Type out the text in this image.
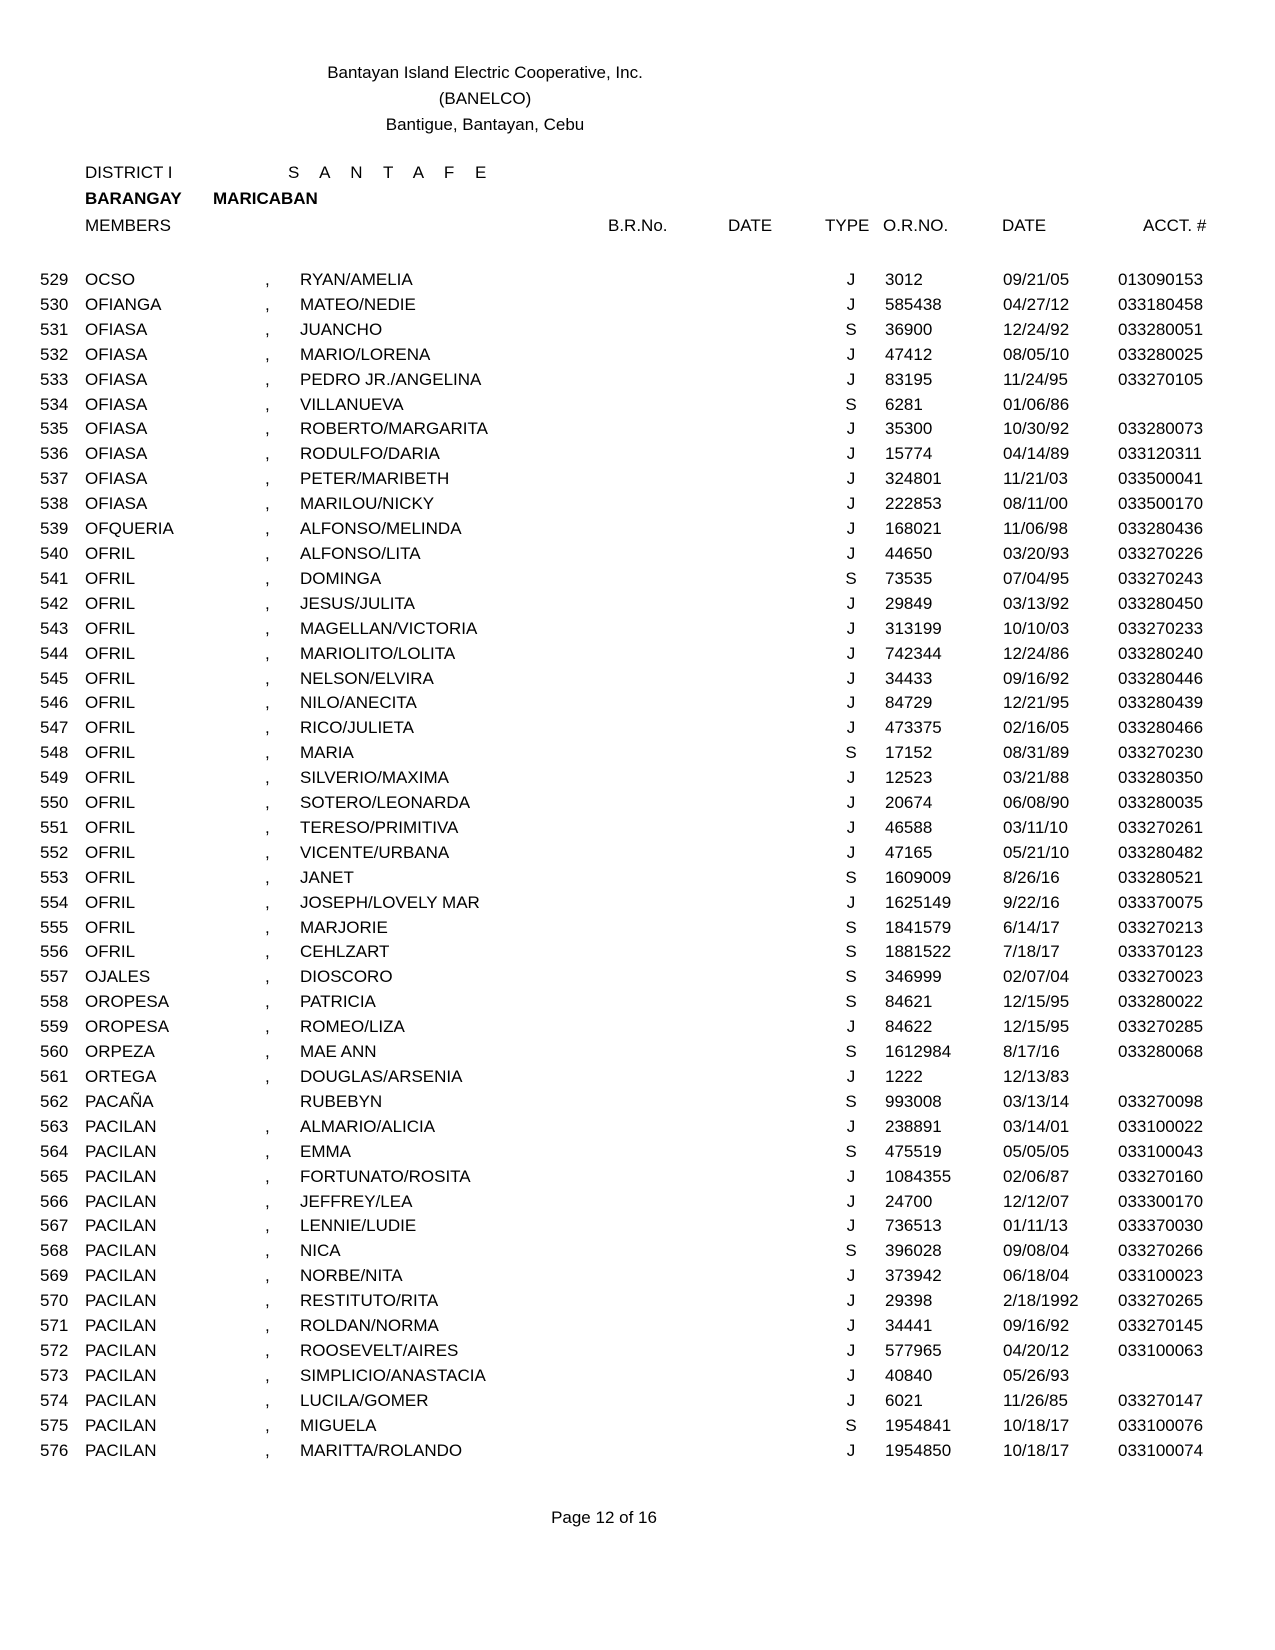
Bantayan Island Electric Cooperative, Inc.
(BANELCO)
Bantigue, Bantayan, Cebu
DISTRICT I	S A N T A F E
BARANGAY MARICABAN
MEMBERS	B.R.No.	DATE	TYPE O.R.NO.	DATE	ACCT. #
529 OCSO	, RYAN/AMELIA	J 3012	09/21/05	013090153
530 OFIANGA	, MATEO/NEDIE	J 585438	04/27/12	033180458
531 OFIASA	, JUANCHO	S 36900	12/24/92	033280051
532 OFIASA	, MARIO/LORENA	J 47412	08/05/10	033280025
533 OFIASA	, PEDRO JR./ANGELINA	J 83195	11/24/95	033270105
534 OFIASA	, VILLANUEVA	S 6281	01/06/86
535 OFIASA	, ROBERTO/MARGARITA	J 35300	10/30/92	033280073
536 OFIASA	, RODULFO/DARIA	J 15774	04/14/89	033120311
537 OFIASA	, PETER/MARIBETH	J 324801	11/21/03	033500041
538 OFIASA	, MARILOU/NICKY	J 222853	08/11/00	033500170
539 OFQUERIA	, ALFONSO/MELINDA	J 168021	11/06/98	033280436
540 OFRIL	, ALFONSO/LITA	J 44650	03/20/93	033270226
541 OFRIL	, DOMINGA	S 73535	07/04/95	033270243
542 OFRIL	, JESUS/JULITA	J 29849	03/13/92	033280450
543 OFRIL	, MAGELLAN/VICTORIA	J 313199	10/10/03	033270233
544 OFRIL	, MARIOLITO/LOLITA	J 742344	12/24/86	033280240
545 OFRIL	, NELSON/ELVIRA	J 34433	09/16/92	033280446
546 OFRIL	, NILO/ANECITA	J 84729	12/21/95	033280439
547 OFRIL	, RICO/JULIETA	J 473375	02/16/05	033280466
548 OFRIL	, MARIA	S 17152	08/31/89	033270230
549 OFRIL	, SILVERIO/MAXIMA	J 12523	03/21/88	033280350
550 OFRIL	, SOTERO/LEONARDA	J 20674	06/08/90	033280035
551 OFRIL	, TERESO/PRIMITIVA	J 46588	03/11/10	033270261
552 OFRIL	, VICENTE/URBANA	J 47165	05/21/10	033280482
553 OFRIL	, JANET	S 1609009	8/26/16	033280521
554 OFRIL	, JOSEPH/LOVELY MAR	J 1625149	9/22/16	033370075
555 OFRIL	, MARJORIE	S 1841579	6/14/17	033270213
556 OFRIL	, CEHLZART	S 1881522	7/18/17	033370123
557 OJALES	, DIOSCORO	S 346999	02/07/04	033270023
558 OROPESA	, PATRICIA	S 84621	12/15/95	033280022
559 OROPESA	, ROMEO/LIZA	J 84622	12/15/95	033270285
560 ORPEZA	, MAE ANN	S 1612984	8/17/16	033280068
561 ORTEGA	, DOUGLAS/ARSENIA	J 1222	12/13/83
562 PACAÑA	RUBEBYN	S 993008	03/13/14	033270098
563 PACILAN	, ALMARIO/ALICIA	J 238891	03/14/01	033100022
564 PACILAN	, EMMA	S 475519	05/05/05	033100043
565 PACILAN	, FORTUNATO/ROSITA	J 1084355	02/06/87	033270160
566 PACILAN	, JEFFREY/LEA	J 24700	12/12/07	033300170
567 PACILAN	, LENNIE/LUDIE	J 736513	01/11/13	033370030
568 PACILAN	, NICA	S 396028	09/08/04	033270266
569 PACILAN	, NORBE/NITA	J 373942	06/18/04	033100023
570 PACILAN	, RESTITUTO/RITA	J 29398	2/18/1992 033270265
571 PACILAN	, ROLDAN/NORMA	J 34441	09/16/92	033270145
572 PACILAN	, ROOSEVELT/AIRES	J 577965	04/20/12	033100063
573 PACILAN	, SIMPLICIO/ANASTACIA	J 40840	05/26/93
574 PACILAN	, LUCILA/GOMER	J 6021	11/26/85	033270147
575 PACILAN	, MIGUELA	S 1954841	10/18/17	033100076
576 PACILAN	, MARITTA/ROLANDO	J 1954850	10/18/17	033100074
Page 12 of 16
